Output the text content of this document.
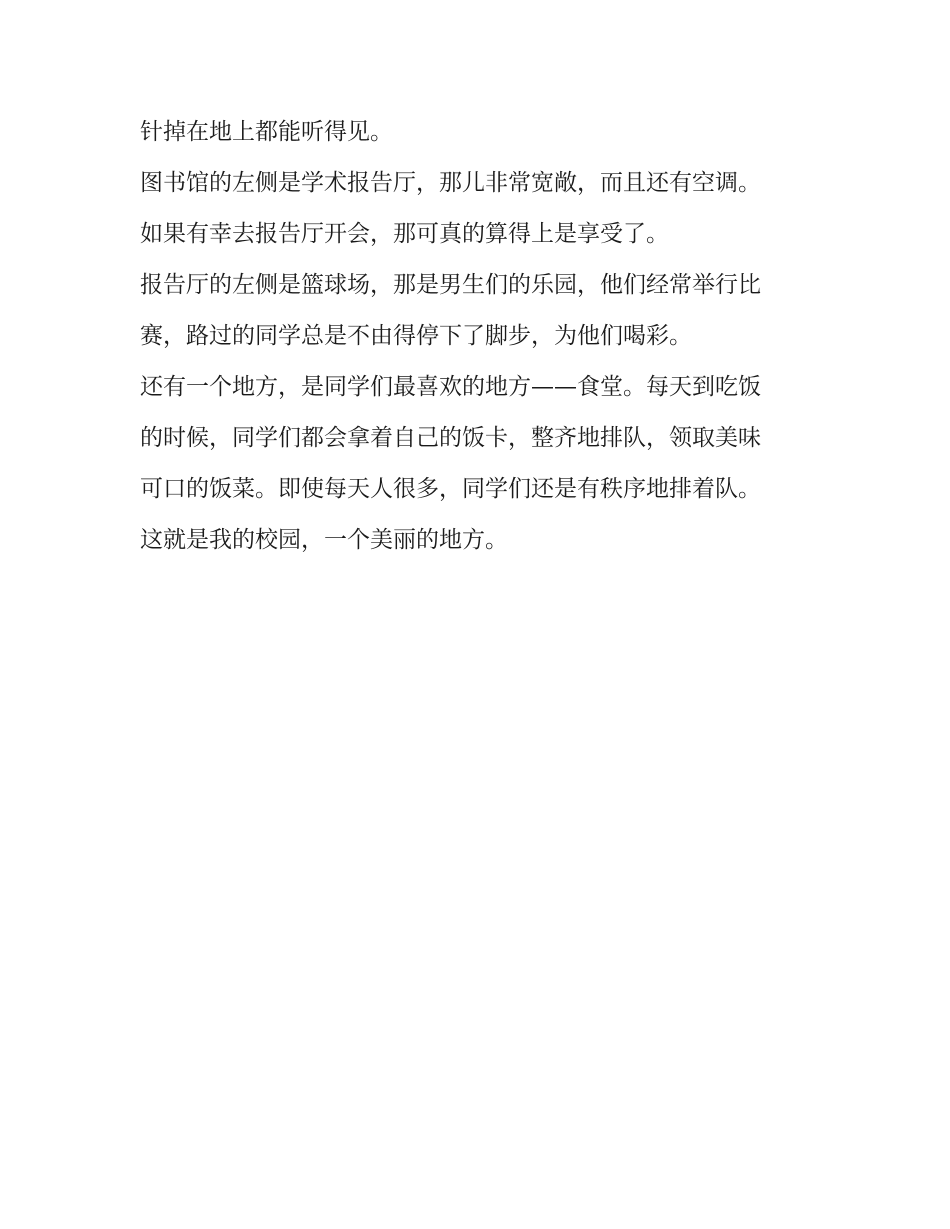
针掉在地上都能听得见。
图书馆的左侧是学术报告厅，那儿非常宽敞，而且还有空调。
如果有幸去报告厅开会，那可真的算得上是享受了。
报告厅的左侧是篮球场，那是男生们的乐园，他们经常举行比
赛，路过的同学总是不由得停下了脚步，为他们喝彩。
还有一个地方，是同学们最喜欢的地方——食堂。每天到吃饭
的时候，同学们都会拿着自己的饭卡，整齐地排队，领取美味
可口的饭菜。即使每天人很多，同学们还是有秩序地排着队。
这就是我的校园，一个美丽的地方。
